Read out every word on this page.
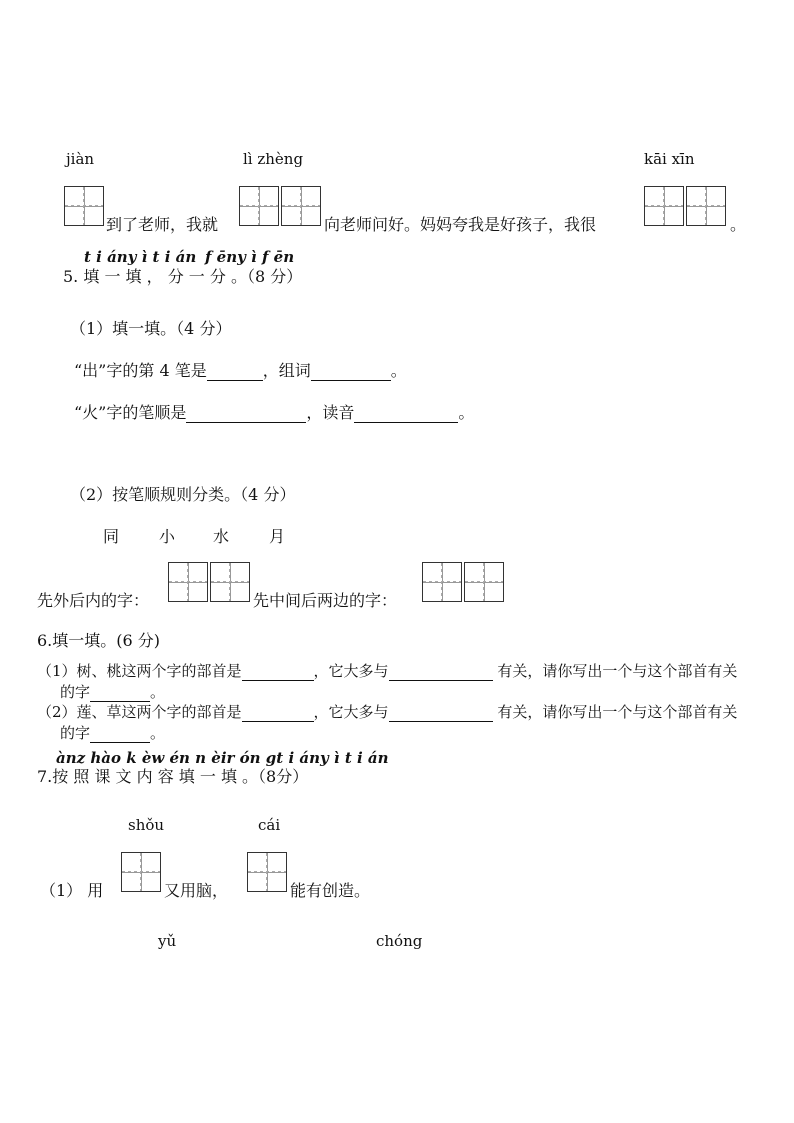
jiàn	lì zhèng	kāi xīn
到了老师，我就	向老师问好。妈妈夸我是好孩子，我很	。
t i ány ì t i án f ēny ì f ēn
5. 填 一 填 ， 分 一 分 。（8 分）
（1）填一填。（4 分）
“出”字的第 4 笔是	，组词	。
“火”字的笔顺是	，读音	。
（2）按笔顺规则分类。（4 分）
同 小 水 月
先外后内的字：	先中间后两边的字：
6.填一填。(6 分)
（1）树、桃这两个字的部首是	，它大多与	有关，请你写出一个与这个部首有关
的字	。
（2）莲、草这两个字的部首是	，它大多与	有关，请你写出一个与这个部首有关
的字	。
ànz hào k èw én n èir ón gt i ány ì t i án
7.按 照 课 文 内 容 填 一 填 。（8分）
shǒu	cái
（1） 用	又用脑，	能有创造。
yǔ	chóng
